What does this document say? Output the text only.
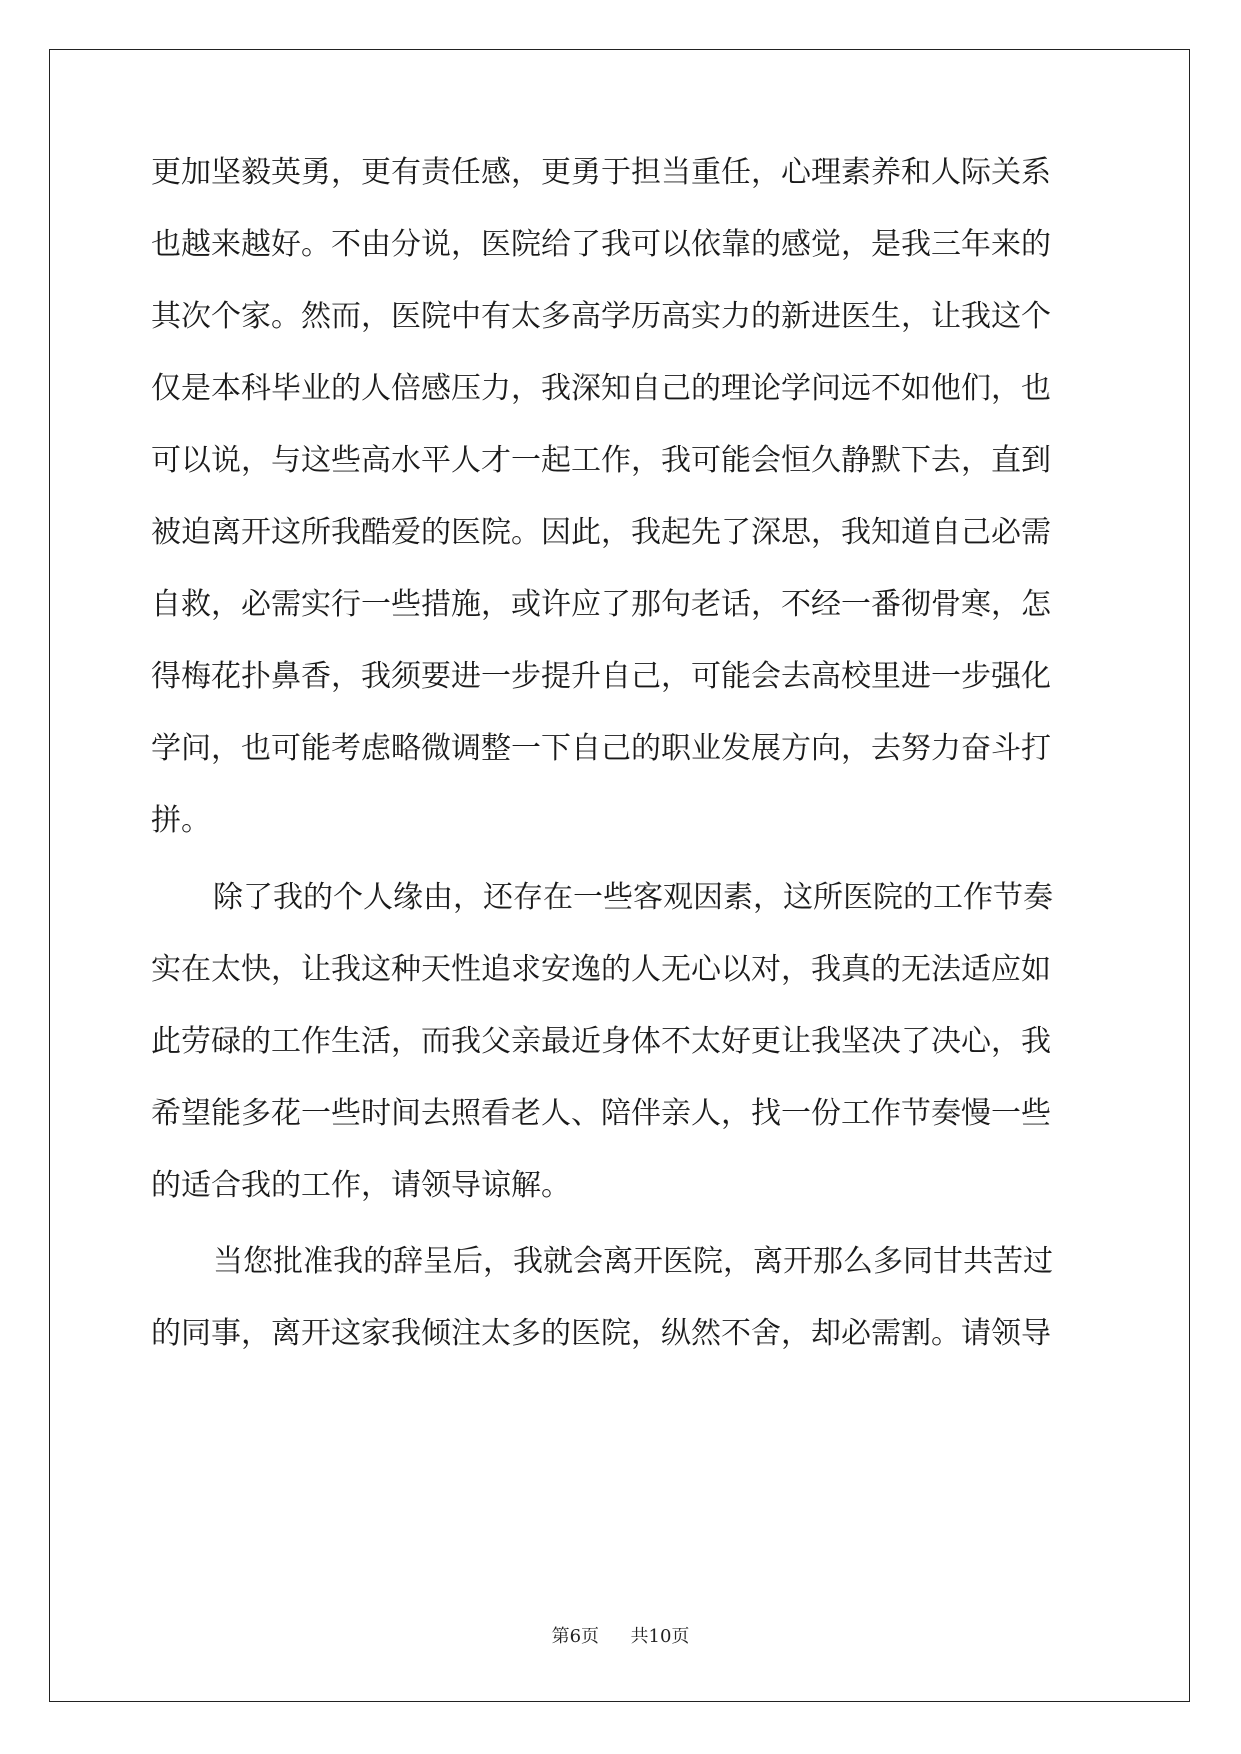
更加坚毅英勇，更有责任感，更勇于担当重任，心理素养和人际关系
也越来越好。不由分说，医院给了我可以依靠的感觉，是我三年来的
其次个家。然而，医院中有太多高学历高实力的新进医生，让我这个
仅是本科毕业的人倍感压力，我深知自己的理论学问远不如他们，也
可以说，与这些高水平人才一起工作，我可能会恒久静默下去，直到
被迫离开这所我酷爱的医院。因此，我起先了深思，我知道自己必需
自救，必需实行一些措施，或许应了那句老话，不经一番彻骨寒，怎
得梅花扑鼻香，我须要进一步提升自己，可能会去高校里进一步强化
学问，也可能考虑略微调整一下自己的职业发展方向，去努力奋斗打
拼。
除了我的个人缘由，还存在一些客观因素，这所医院的工作节奏
实在太快，让我这种天性追求安逸的人无心以对，我真的无法适应如
此劳碌的工作生活，而我父亲最近身体不太好更让我坚决了决心，我
希望能多花一些时间去照看老人、陪伴亲人，找一份工作节奏慢一些
的适合我的工作，请领导谅解。
当您批准我的辞呈后，我就会离开医院，离开那么多同甘共苦过
的同事，离开这家我倾注太多的医院，纵然不舍，却必需割。请领导
第6页 共10页
